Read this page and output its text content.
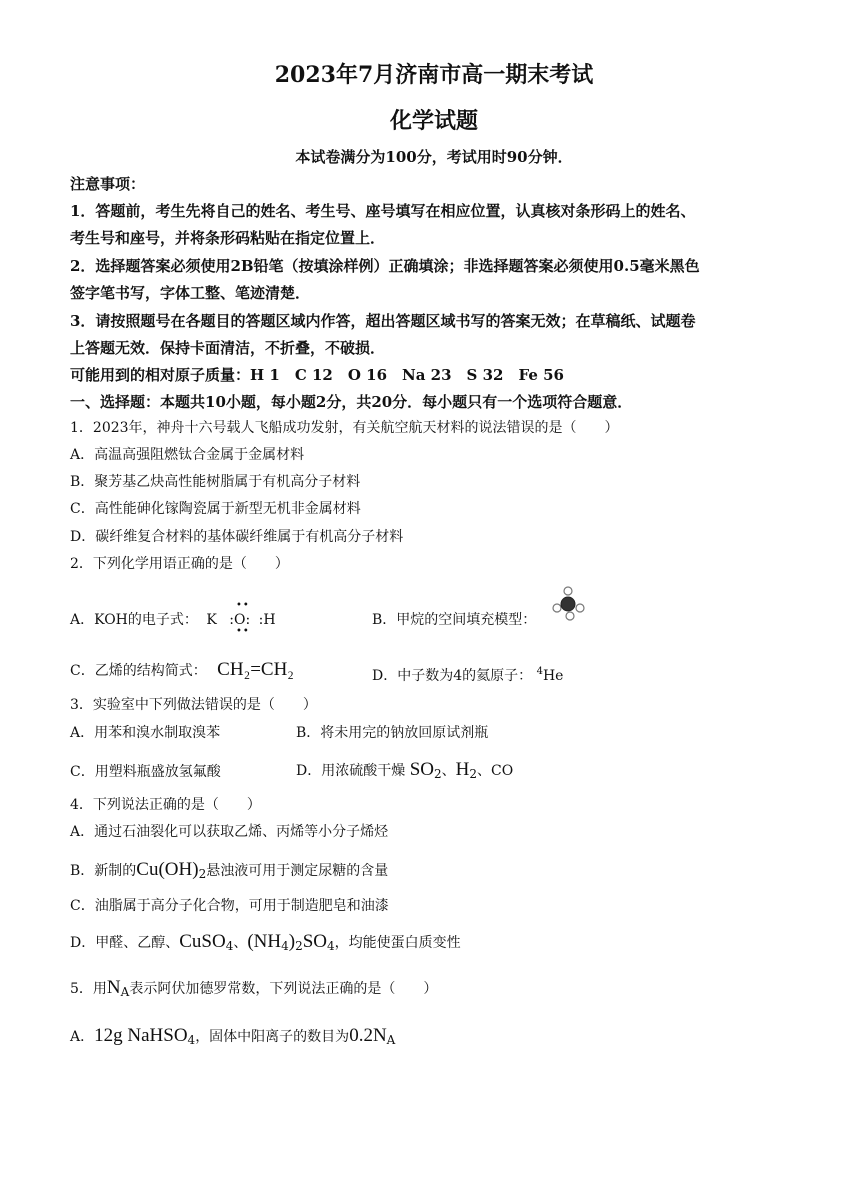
2023年7月济南市高一期末考试
化学试题
本试卷满分为100分，考试用时90分钟．
注意事项：
1．答题前，考生先将自己的姓名、考生号、座号填写在相应位置，认真核对条形码上的姓名、
考生号和座号，并将条形码粘贴在指定位置上．
2．选择题答案必须使用2B铅笔（按填涂样例）正确填涂；非选择题答案必须使用0.5毫米黑色
签字笔书写，字体工整、笔迹清楚．
3．请按照题号在各题目的答题区域内作答，超出答题区域书写的答案无效；在草稿纸、试题卷
上答题无效．保持卡面清洁，不折叠，不破损．
可能用到的相对原子质量：H 1　C 12　O 16　Na 23　S 32　Fe 56
一、选择题：本题共10小题，每小题2分，共20分．每小题只有一个选项符合题意．
1．2023年，神舟十六号载人飞船成功发射，有关航空航天材料的说法错误的是（　　）
A．高温高强阻燃钛合金属于金属材料
B．聚芳基乙炔高性能树脂属于有机高分子材料
C．高性能砷化镓陶瓷属于新型无机非金属材料
D．碳纤维复合材料的基体碳纤维属于有机高分子材料
2．下列化学用语正确的是（　　）
A．KOH的电子式： K :O: :H
••
••
B．甲烷的空间填充模型：
C．乙烯的结构简式： CH₂=CH₂	D．中子数为4的氦原子： $^4$He
3．实验室中下列做法错误的是（　　）
A．用苯和溴水制取溴苯	B．将未用完的钠放回原试剂瓶
C．用塑料瓶盛放氢氟酸	D．用浓硫酸干燥 SO2、H2、CO
4．下列说法正确的是（　　）
A．通过石油裂化可以获取乙烯、丙烯等小分子烯烃
B．新制的Cu(OH)2悬浊液可用于测定尿糖的含量
C．油脂属于高分子化合物，可用于制造肥皂和油漆
D．甲醛、乙醇、CuSO4、(NH4)2SO4，均能使蛋白质变性
5．用NA表示阿伏加德罗常数，下列说法正确的是（　　）
A．12g NaHSO4，固体中阳离子的数目为0.2NA
